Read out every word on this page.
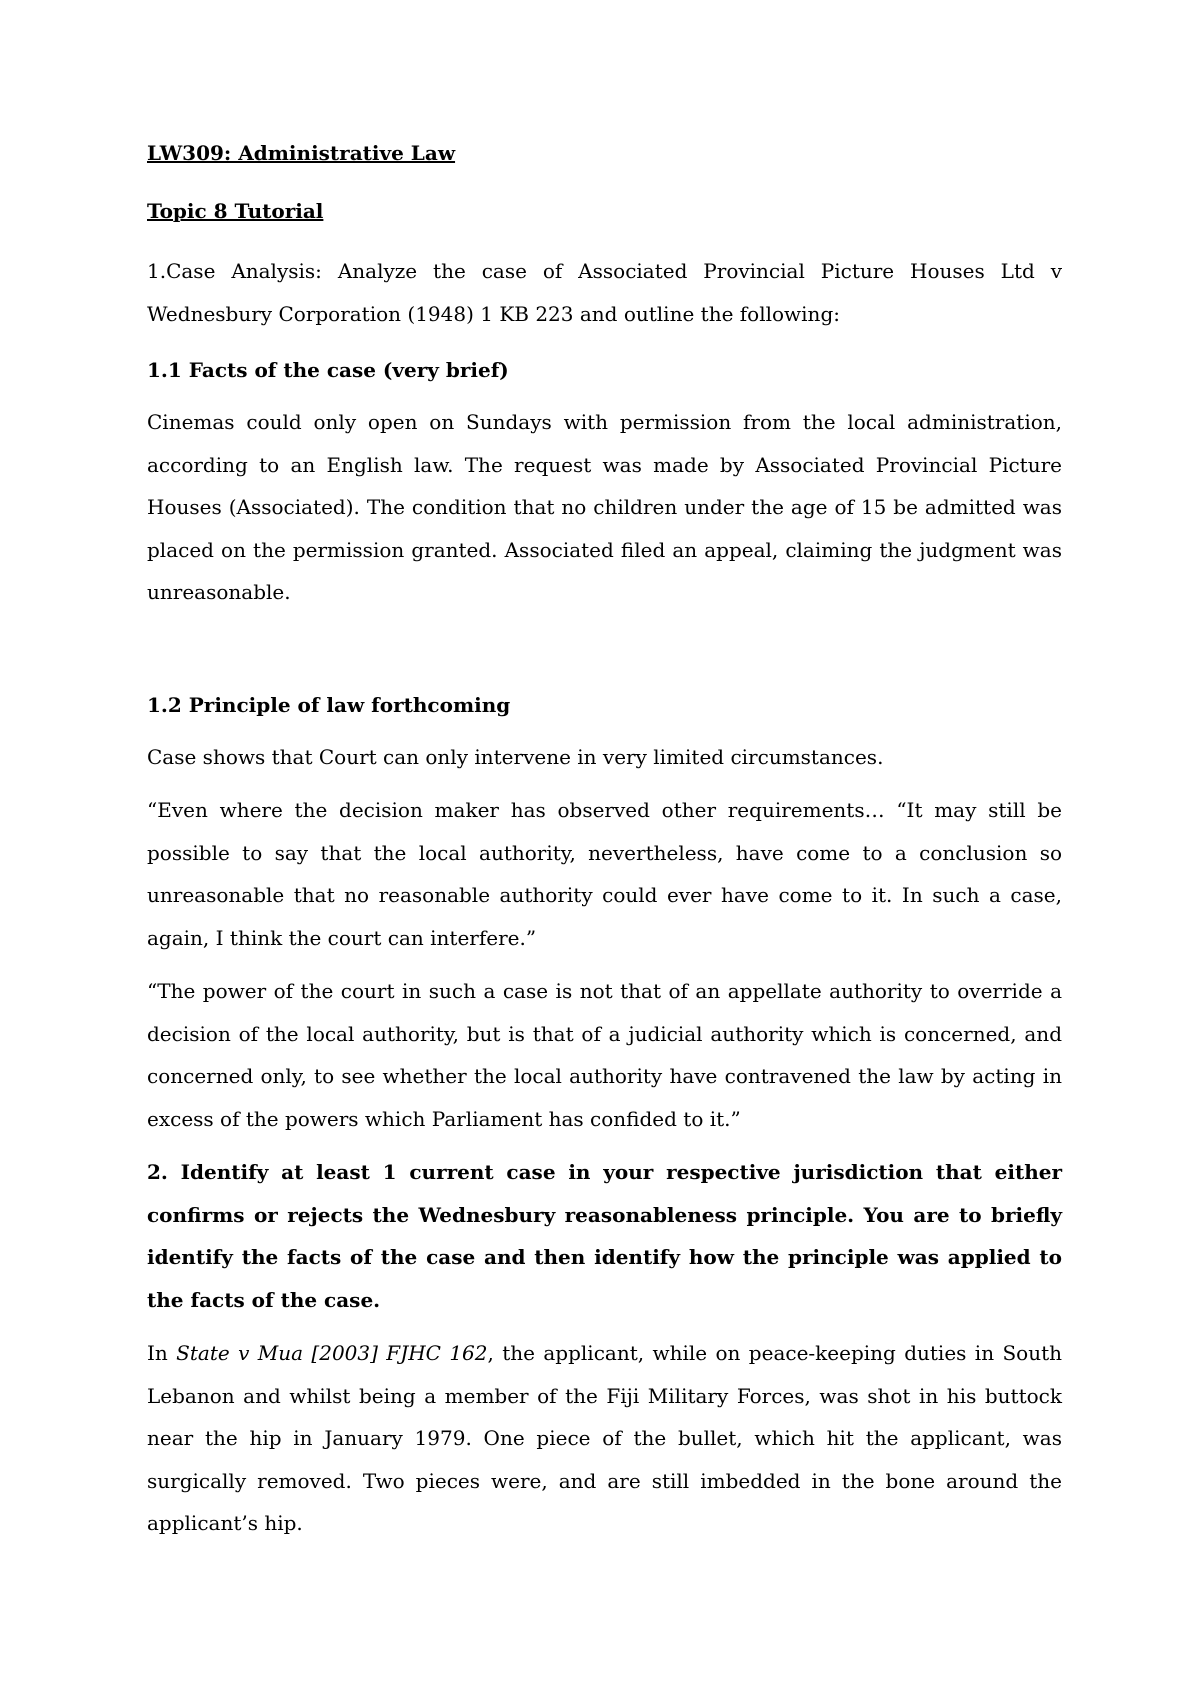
LW309: Administrative Law

Topic 8 Tutorial

1.Case Analysis: Analyze the case of Associated Provincial Picture Houses Ltd v Wednesbury Corporation (1948) 1 KB 223 and outline the following:

1.1 Facts of the case (very brief)

Cinemas could only open on Sundays with permission from the local administration, according to an English law. The request was made by Associated Provincial Picture Houses (Associated). The condition that no children under the age of 15 be admitted was placed on the permission granted. Associated filed an appeal, claiming the judgment was unreasonable.

1.2 Principle of law forthcoming

Case shows that Court can only intervene in very limited circumstances.

“Even where the decision maker has observed other requirements… “It may still be possible to say that the local authority, nevertheless, have come to a conclusion so unreasonable that no reasonable authority could ever have come to it. In such a case, again, I think the court can interfere.”

“The power of the court in such a case is not that of an appellate authority to override a decision of the local authority, but is that of a judicial authority which is concerned, and concerned only, to see whether the local authority have contravened the law by acting in excess of the powers which Parliament has confided to it.”

2. Identify at least 1 current case in your respective jurisdiction that either confirms or rejects the Wednesbury reasonableness principle. You are to briefly identify the facts of the case and then identify how the principle was applied to the facts of the case.

In State v Mua [2003] FJHC 162, the applicant, while on peace-keeping duties in South Lebanon and whilst being a member of the Fiji Military Forces, was shot in his buttock near the hip in January 1979. One piece of the bullet, which hit the applicant, was surgically removed. Two pieces were, and are still imbedded in the bone around the applicant’s hip.
